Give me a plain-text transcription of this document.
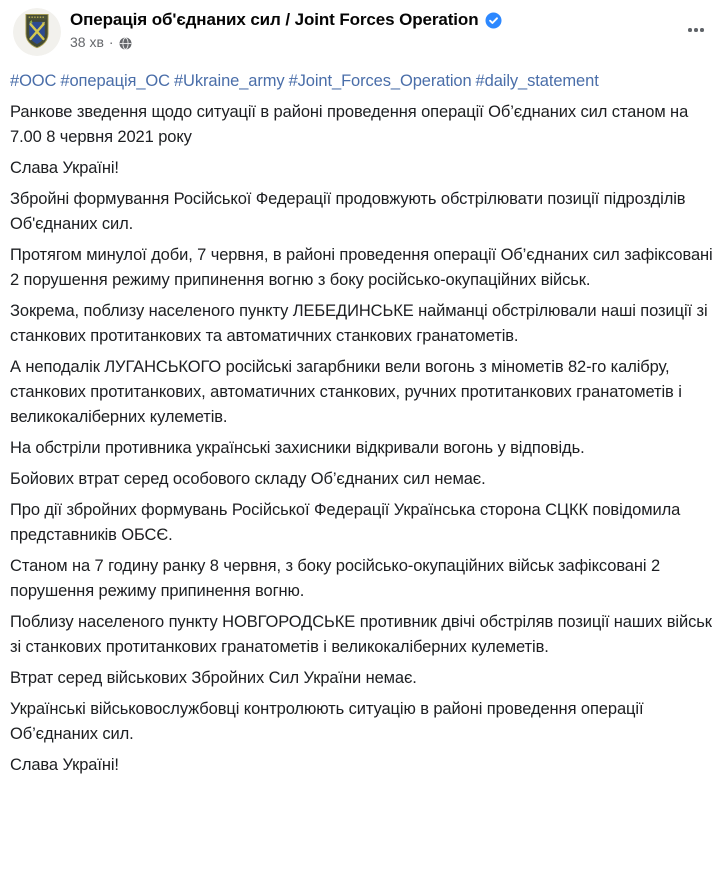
Операція об'єднаних сил / Joint Forces Operation
38 хв ·

#ООС #операція_ОС #Ukraine_army #Joint_Forces_Operation #daily_statement

Ранкове зведення щодо ситуації в районі проведення операції Об’єднаних сил станом на 7.00 8 червня 2021 року

Слава Україні!

Збройні формування Російської Федерації продовжують обстрілювати позиції підрозділів Об'єднаних сил.

Протягом минулої доби, 7 червня, в районі проведення операції Об’єднаних сил зафіксовані 2 порушення режиму припинення вогню з боку російсько-окупаційних військ.

Зокрема, поблизу населеного пункту ЛЕБЕДИНСЬКЕ найманці обстрілювали наші позиції зі станкових протитанкових та автоматичних станкових гранатометів.

А неподалік ЛУГАНСЬКОГО російські загарбники вели вогонь з мінометів 82-го калібру, станкових протитанкових, автоматичних станкових, ручних протитанкових гранатометів і великокаліберних кулеметів.

На обстріли противника українські захисники відкривали вогонь у відповідь.

Бойових втрат серед особового складу Об’єднаних сил немає.

Про дії збройних формувань Російської Федерації Українська сторона СЦКК повідомила представників ОБСЄ.

Станом на 7 годину ранку 8 червня, з боку російсько-окупаційних військ зафіксовані 2 порушення режиму припинення вогню.

Поблизу населеного пункту НОВГОРОДСЬКЕ противник двічі обстріляв позиції наших військ зі станкових протитанкових гранатометів і великокаліберних кулеметів.

Втрат серед військових Збройних Сил України немає.

Українські військовослужбовці контролюють ситуацію в районі проведення операції Об’єднаних сил.

Слава Україні!
